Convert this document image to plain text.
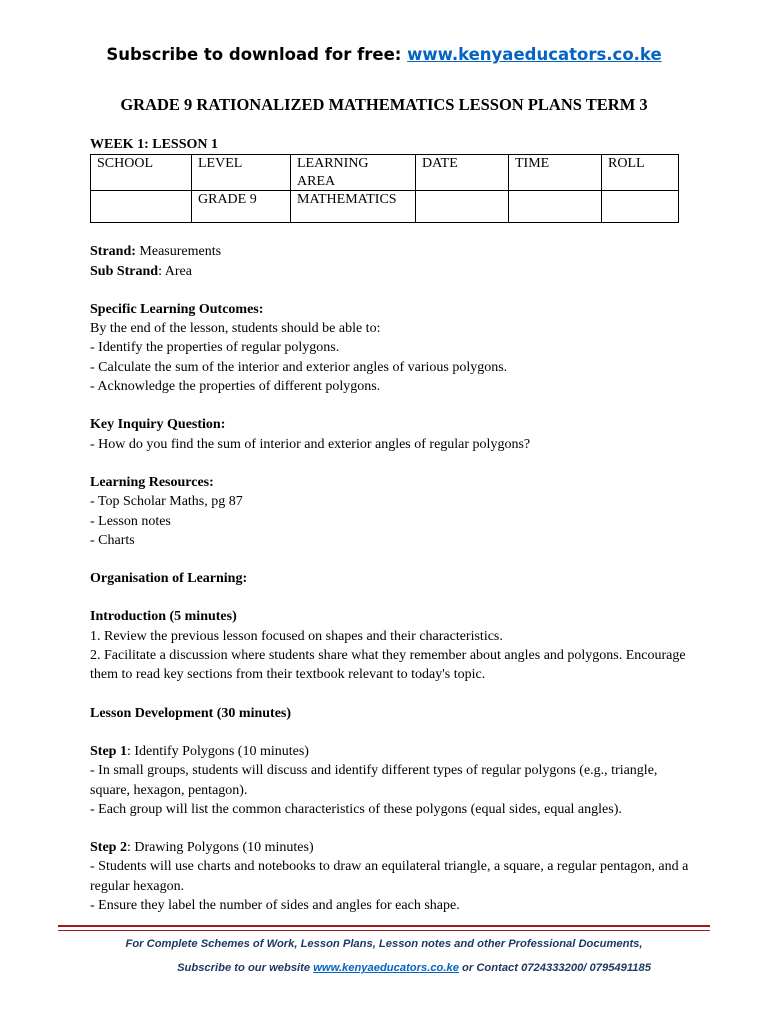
Subscribe to download for free: www.kenyaeducators.co.ke
GRADE 9 RATIONALIZED MATHEMATICS LESSON PLANS TERM 3
WEEK 1: LESSON 1
SCHOOL	LEVEL	LEARNING AREA	DATE	TIME	ROLL
	GRADE 9	MATHEMATICS			
Strand: Measurements
Sub Strand: Area
Specific Learning Outcomes:
By the end of the lesson, students should be able to:
- Identify the properties of regular polygons.
- Calculate the sum of the interior and exterior angles of various polygons.
- Acknowledge the properties of different polygons.
Key Inquiry Question:
- How do you find the sum of interior and exterior angles of regular polygons?
Learning Resources:
- Top Scholar Maths, pg 87
- Lesson notes
- Charts
Organisation of Learning:
Introduction (5 minutes)
1. Review the previous lesson focused on shapes and their characteristics.
2. Facilitate a discussion where students share what they remember about angles and polygons. Encourage them to read key sections from their textbook relevant to today's topic.
Lesson Development (30 minutes)
Step 1: Identify Polygons (10 minutes)
- In small groups, students will discuss and identify different types of regular polygons (e.g., triangle, square, hexagon, pentagon).
- Each group will list the common characteristics of these polygons (equal sides, equal angles).
Step 2: Drawing Polygons (10 minutes)
- Students will use charts and notebooks to draw an equilateral triangle, a square, a regular pentagon, and a regular hexagon.
- Ensure they label the number of sides and angles for each shape.
For Complete Schemes of Work, Lesson Plans, Lesson notes and other Professional Documents,
Subscribe to our website www.kenyaeducators.co.ke or Contact 0724333200/ 0795491185
